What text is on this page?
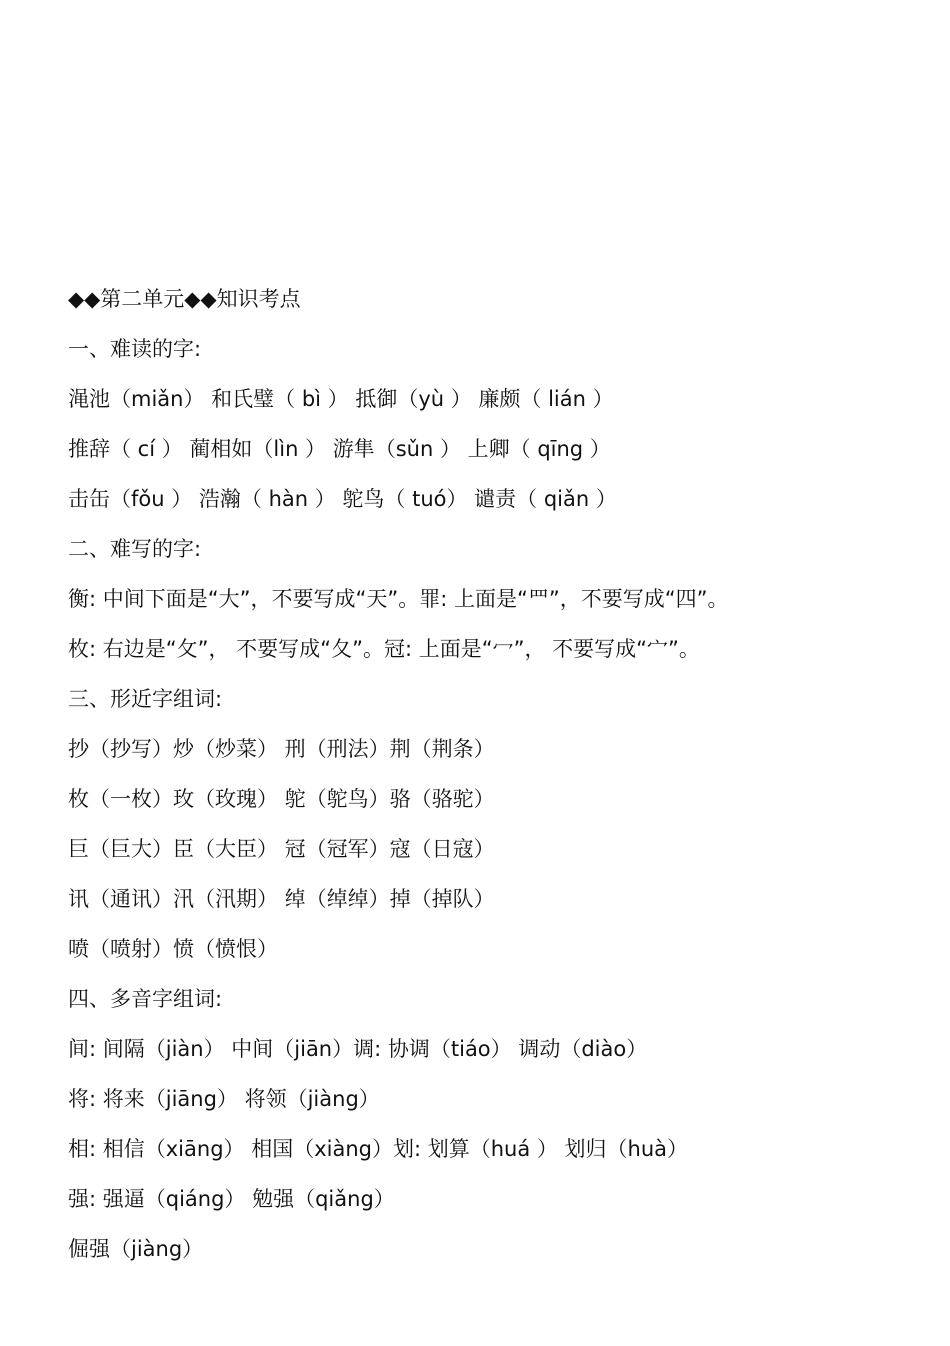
◆◆第二单元◆◆知识考点
一、难读的字:
渑池（miǎn） 和氏璧（ bì ） 抵御（yù ） 廉颇（ lián ）
推辞（ cí ） 蔺相如（lìn ） 游隼（sǔn ） 上卿（ qīng ）
击缶（fǒu ） 浩瀚（ hàn ） 鸵鸟（ tuó） 谴责（ qiǎn ）
二、难写的字:
衡: 中间下面是“大”，不要写成“天”。罪: 上面是“罒”，不要写成“四”。
枚: 右边是“攵”， 不要写成“夂”。冠: 上面是“冖”， 不要写成“宀”。
三、形近字组词:
抄（抄写）炒（炒菜） 刑（刑法）荆（荆条）
枚（一枚）玫（玫瑰） 鸵（鸵鸟）骆（骆驼）
巨（巨大）臣（大臣） 冠（冠军）寇（日寇）
讯（通讯）汛（汛期） 绰（绰绰）掉（掉队）
喷（喷射）愤（愤恨）
四、多音字组词:
间: 间隔（jiàn） 中间（jiān）调: 协调（tiáo） 调动（diào）
将: 将来（jiāng） 将领（jiàng）
相: 相信（xiāng） 相国（xiàng）划: 划算（huá ） 划归（huà）
强: 强逼（qiáng） 勉强（qiǎng）
倔强（jiàng）
